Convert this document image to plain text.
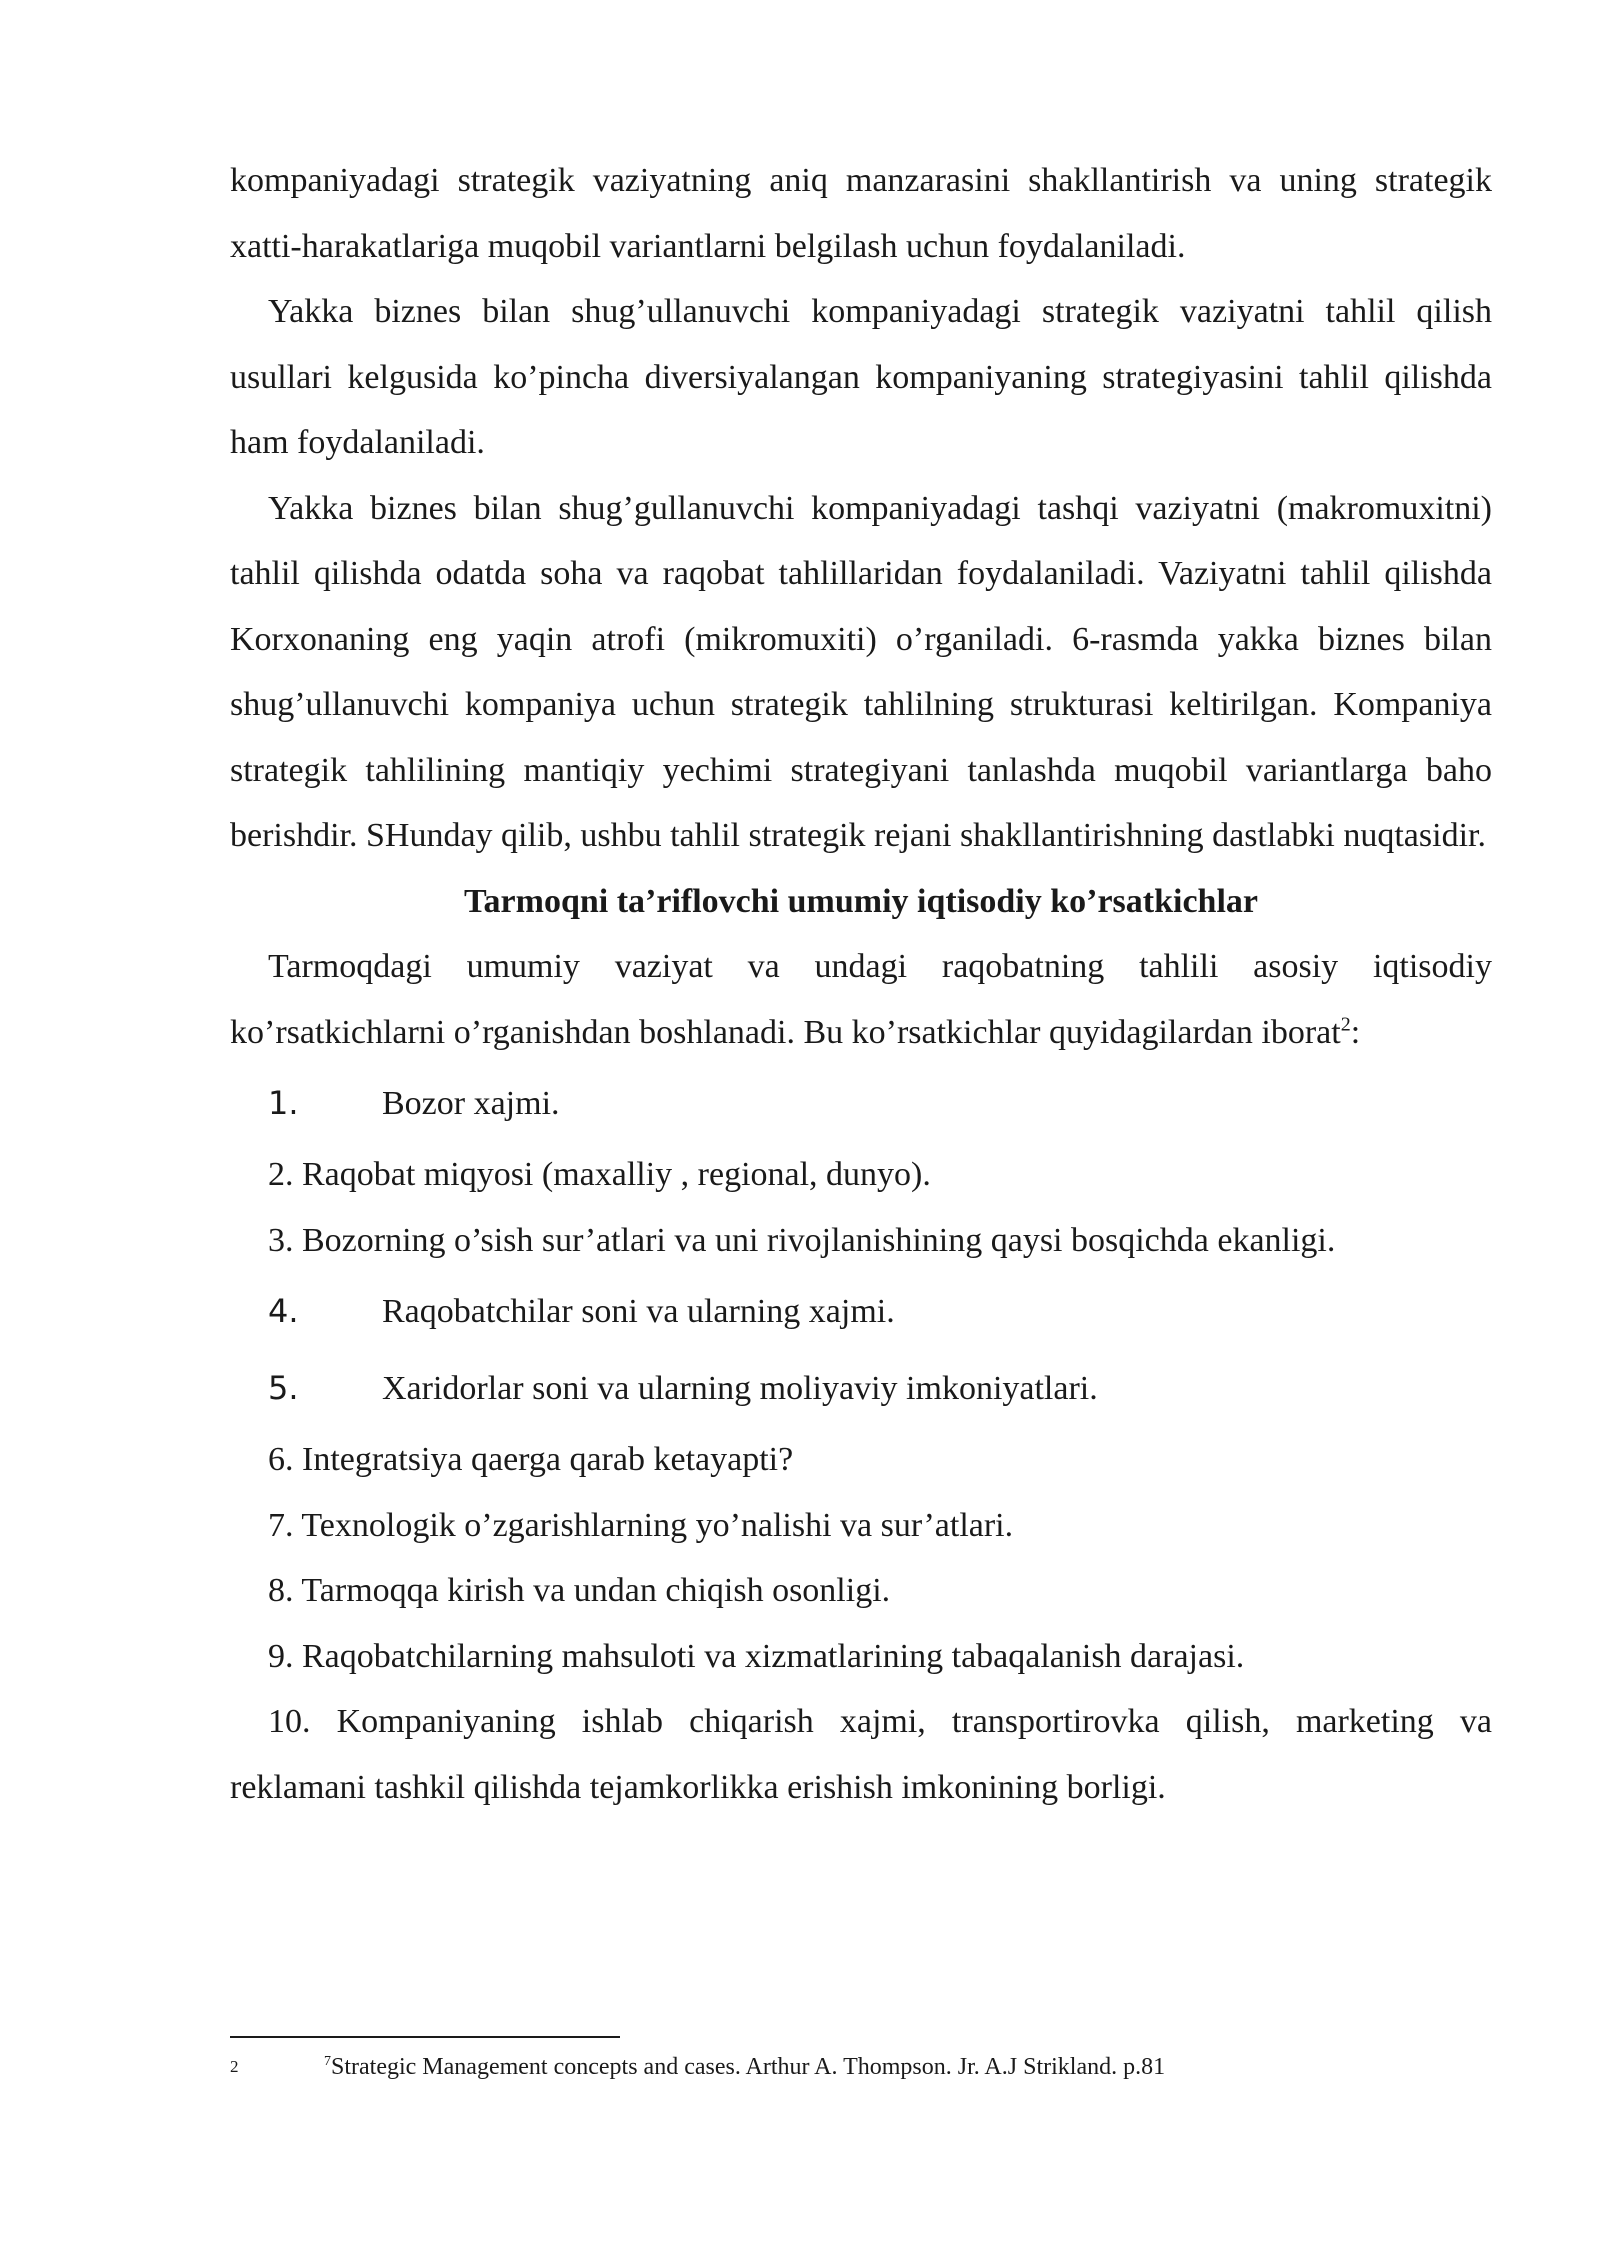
kompaniyadagi strategik vaziyatning aniq manzarasini shakllantirish va uning strategik xatti-harakatlariga muqobil variantlarni belgilash uchun foydalaniladi.

Yakka biznes bilan shug’ullanuvchi kompaniyadagi strategik vaziyatni tahlil qilish usullari kelgusida ko’pincha diversiyalangan kompaniyaning strategiyasini tahlil qilishda ham foydalaniladi.

Yakka biznes bilan shug’gullanuvchi kompaniyadagi tashqi vaziyatni (makromuxitni) tahlil qilishda odatda soha va raqobat tahlillaridan foydalaniladi. Vaziyatni tahlil qilishda Korxonaning eng yaqin atrofi (mikromuxiti) o’rganiladi. 6-rasmda yakka biznes bilan shug’ullanuvchi kompaniya uchun strategik tahlilning strukturasi keltirilgan. Kompaniya strategik tahlilining mantiqiy yechimi strategiyani tanlashda muqobil variantlarga baho berishdir. SHunday qilib, ushbu tahlil strategik rejani shakllantirishning dastlabki nuqtasidir.

Tarmoqni ta’riflovchi umumiy iqtisodiy ko’rsatkichlar

Tarmoqdagi umumiy vaziyat va undagi raqobatning tahlili asosiy iqtisodiy ko’rsatkichlarni o’rganishdan boshlanadi. Bu ko’rsatkichlar quyidagilardan iborat$^2$:

1.	Bozor xajmi.

2. Raqobat miqyosi (maxalliy , regional, dunyo).

3. Bozorning o’sish sur’atlari va uni rivojlanishining qaysi bosqichda ekanligi.

4.	Raqobatchilar soni va ularning xajmi.

5.	Xaridorlar soni va ularning moliyaviy imkoniyatlari.

6. Integratsiya qaerga qarab ketayapti?

7. Texnologik o’zgarishlarning yo’nalishi va sur’atlari.

8. Tarmoqqa kirish va undan chiqish osonligi.

9. Raqobatchilarning mahsuloti va xizmatlarining tabaqalanish darajasi.

10. Kompaniyaning ishlab chiqarish xajmi, transportirovka qilish, marketing va reklamani tashkil qilishda tejamkorlikka erishish imkonining borligi.

2	$^7$Strategic Management concepts and cases. Arthur A. Thompson. Jr. A.J Strikland. p.81
